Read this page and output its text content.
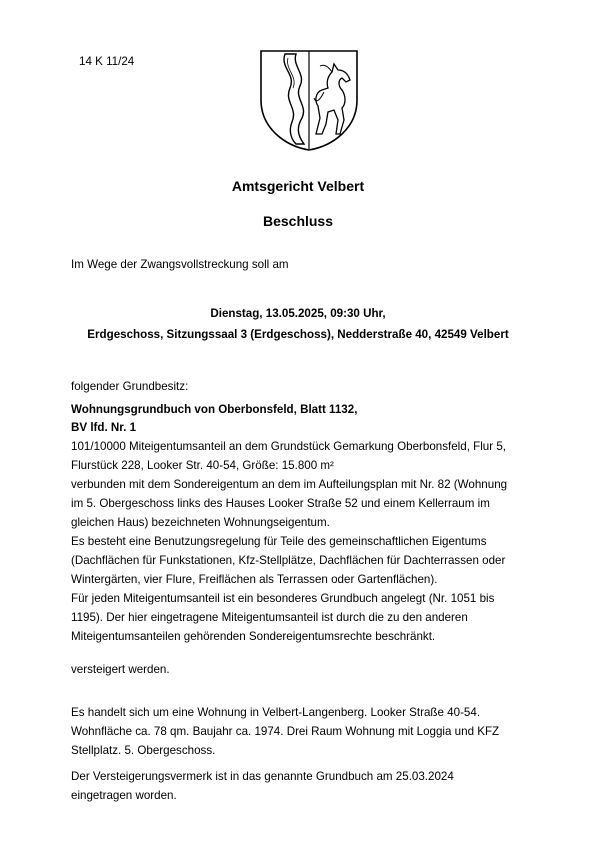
14 K 11/24
Amtsgericht Velbert
Beschluss
Im Wege der Zwangsvollstreckung soll am
Dienstag, 13.05.2025, 09:30 Uhr,
Erdgeschoss, Sitzungssaal 3 (Erdgeschoss), Nedderstraße 40, 42549 Velbert
folgender Grundbesitz:
Wohnungsgrundbuch von Oberbonsfeld, Blatt 1132,
BV lfd. Nr. 1
101/10000 Miteigentumsanteil an dem Grundstück Gemarkung Oberbonsfeld, Flur 5,
Flurstück 228, Looker Str. 40-54, Größe: 15.800 m²
verbunden mit dem Sondereigentum an dem im Aufteilungsplan mit Nr. 82 (Wohnung
im 5. Obergeschoss links des Hauses Looker Straße 52 und einem Kellerraum im
gleichen Haus) bezeichneten Wohnungseigentum.
Es besteht eine Benutzungsregelung für Teile des gemeinschaftlichen Eigentums
(Dachflächen für Funkstationen, Kfz-Stellplätze, Dachflächen für Dachterrassen oder
Wintergärten, vier Flure, Freiflächen als Terrassen oder Gartenflächen).
Für jeden Miteigentumsanteil ist ein besonderes Grundbuch angelegt (Nr. 1051 bis
1195). Der hier eingetragene Miteigentumsanteil ist durch die zu den anderen
Miteigentumsanteilen gehörenden Sondereigentumsrechte beschränkt.
versteigert werden.
Es handelt sich um eine Wohnung in Velbert-Langenberg. Looker Straße 40-54.
Wohnfläche ca. 78 qm. Baujahr ca. 1974. Drei Raum Wohnung mit Loggia und KFZ
Stellplatz. 5. Obergeschoss.
Der Versteigerungsvermerk ist in das genannte Grundbuch am 25.03.2024
eingetragen worden.
